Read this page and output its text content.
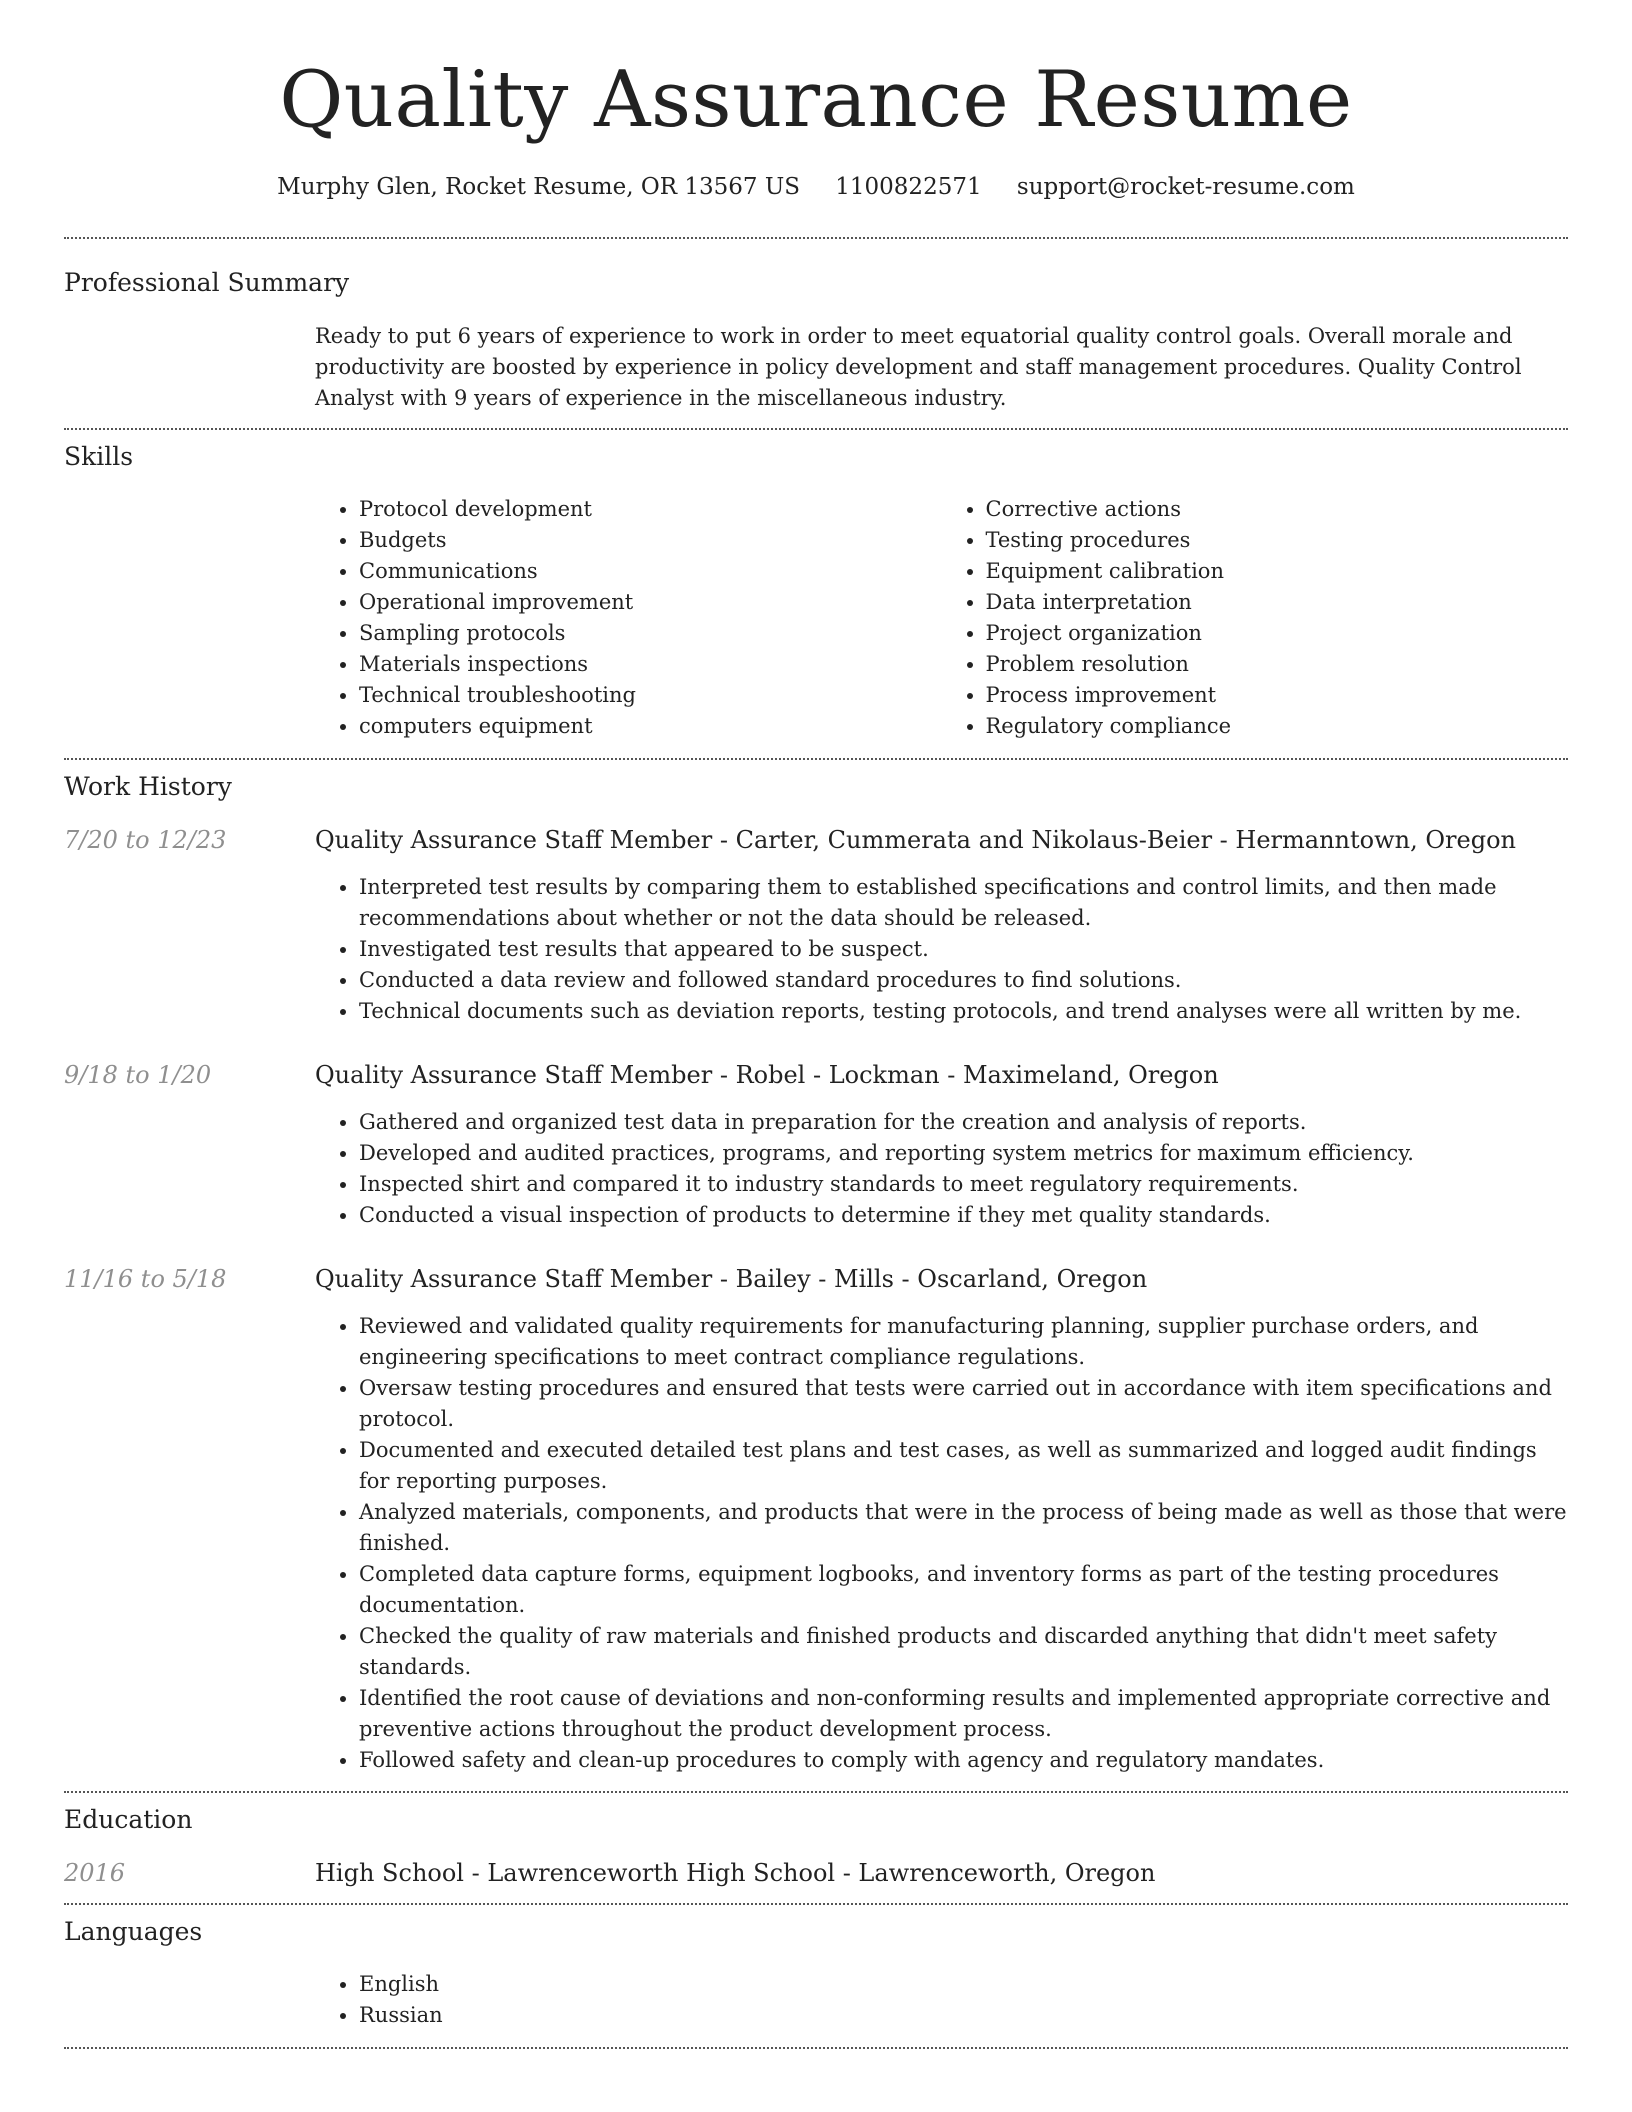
Quality Assurance Resume
Murphy Glen, Rocket Resume, OR 13567 US 1100822571 support@rocket-resume.com
Professional Summary
Ready to put 6 years of experience to work in order to meet equatorial quality control goals. Overall morale and productivity are boosted by experience in policy development and staff management procedures. Quality Control Analyst with 9 years of experience in the miscellaneous industry.
Skills
• Protocol development
• Budgets
• Communications
• Operational improvement
• Sampling protocols
• Materials inspections
• Technical troubleshooting
• computers equipment
• Corrective actions
• Testing procedures
• Equipment calibration
• Data interpretation
• Project organization
• Problem resolution
• Process improvement
• Regulatory compliance
Work History
7/20 to 12/23	Quality Assurance Staff Member - Carter, Cummerata and Nikolaus-Beier - Hermanntown, Oregon
• Interpreted test results by comparing them to established specifications and control limits, and then made recommendations about whether or not the data should be released.
• Investigated test results that appeared to be suspect.
• Conducted a data review and followed standard procedures to find solutions.
• Technical documents such as deviation reports, testing protocols, and trend analyses were all written by me.
9/18 to 1/20	Quality Assurance Staff Member - Robel - Lockman - Maximeland, Oregon
• Gathered and organized test data in preparation for the creation and analysis of reports.
• Developed and audited practices, programs, and reporting system metrics for maximum efficiency.
• Inspected shirt and compared it to industry standards to meet regulatory requirements.
• Conducted a visual inspection of products to determine if they met quality standards.
11/16 to 5/18	Quality Assurance Staff Member - Bailey - Mills - Oscarland, Oregon
• Reviewed and validated quality requirements for manufacturing planning, supplier purchase orders, and engineering specifications to meet contract compliance regulations.
• Oversaw testing procedures and ensured that tests were carried out in accordance with item specifications and protocol.
• Documented and executed detailed test plans and test cases, as well as summarized and logged audit findings for reporting purposes.
• Analyzed materials, components, and products that were in the process of being made as well as those that were finished.
• Completed data capture forms, equipment logbooks, and inventory forms as part of the testing procedures documentation.
• Checked the quality of raw materials and finished products and discarded anything that didn't meet safety standards.
• Identified the root cause of deviations and non-conforming results and implemented appropriate corrective and preventive actions throughout the product development process.
• Followed safety and clean-up procedures to comply with agency and regulatory mandates.
Education
2016	High School - Lawrenceworth High School - Lawrenceworth, Oregon
Languages
• English
• Russian
